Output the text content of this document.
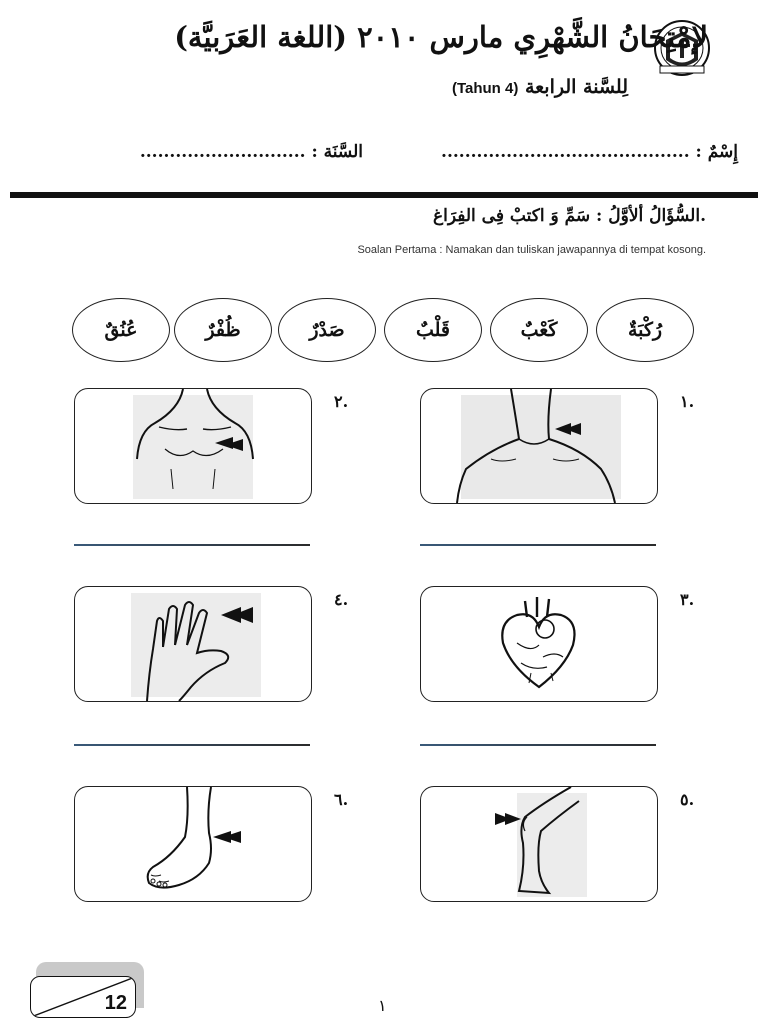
لإمْتِحَانُ الشَّهْرِي مارس ٢٠١٠ (اللغة العَرَبيَّة)
لِلسَّنة الرابعة (Tahun 4)
إِسْمٌ : ..........................................
السَّنَة : ............................
.السُّؤَالُ ألأوَّلُ : سَمِّ وَ اكتبْ فِى الفِرَاغ
Soalan Pertama : Namakan dan tuliskan jawapannya di tempat kosong.
رُكْبَةٌ
كَعْبٌ
قَلْبٌ
صَدْرٌ
ظُفْرٌ
عُنُقٌ
.١
.٢
.٣
.٤
.٥
.٦
12	١
